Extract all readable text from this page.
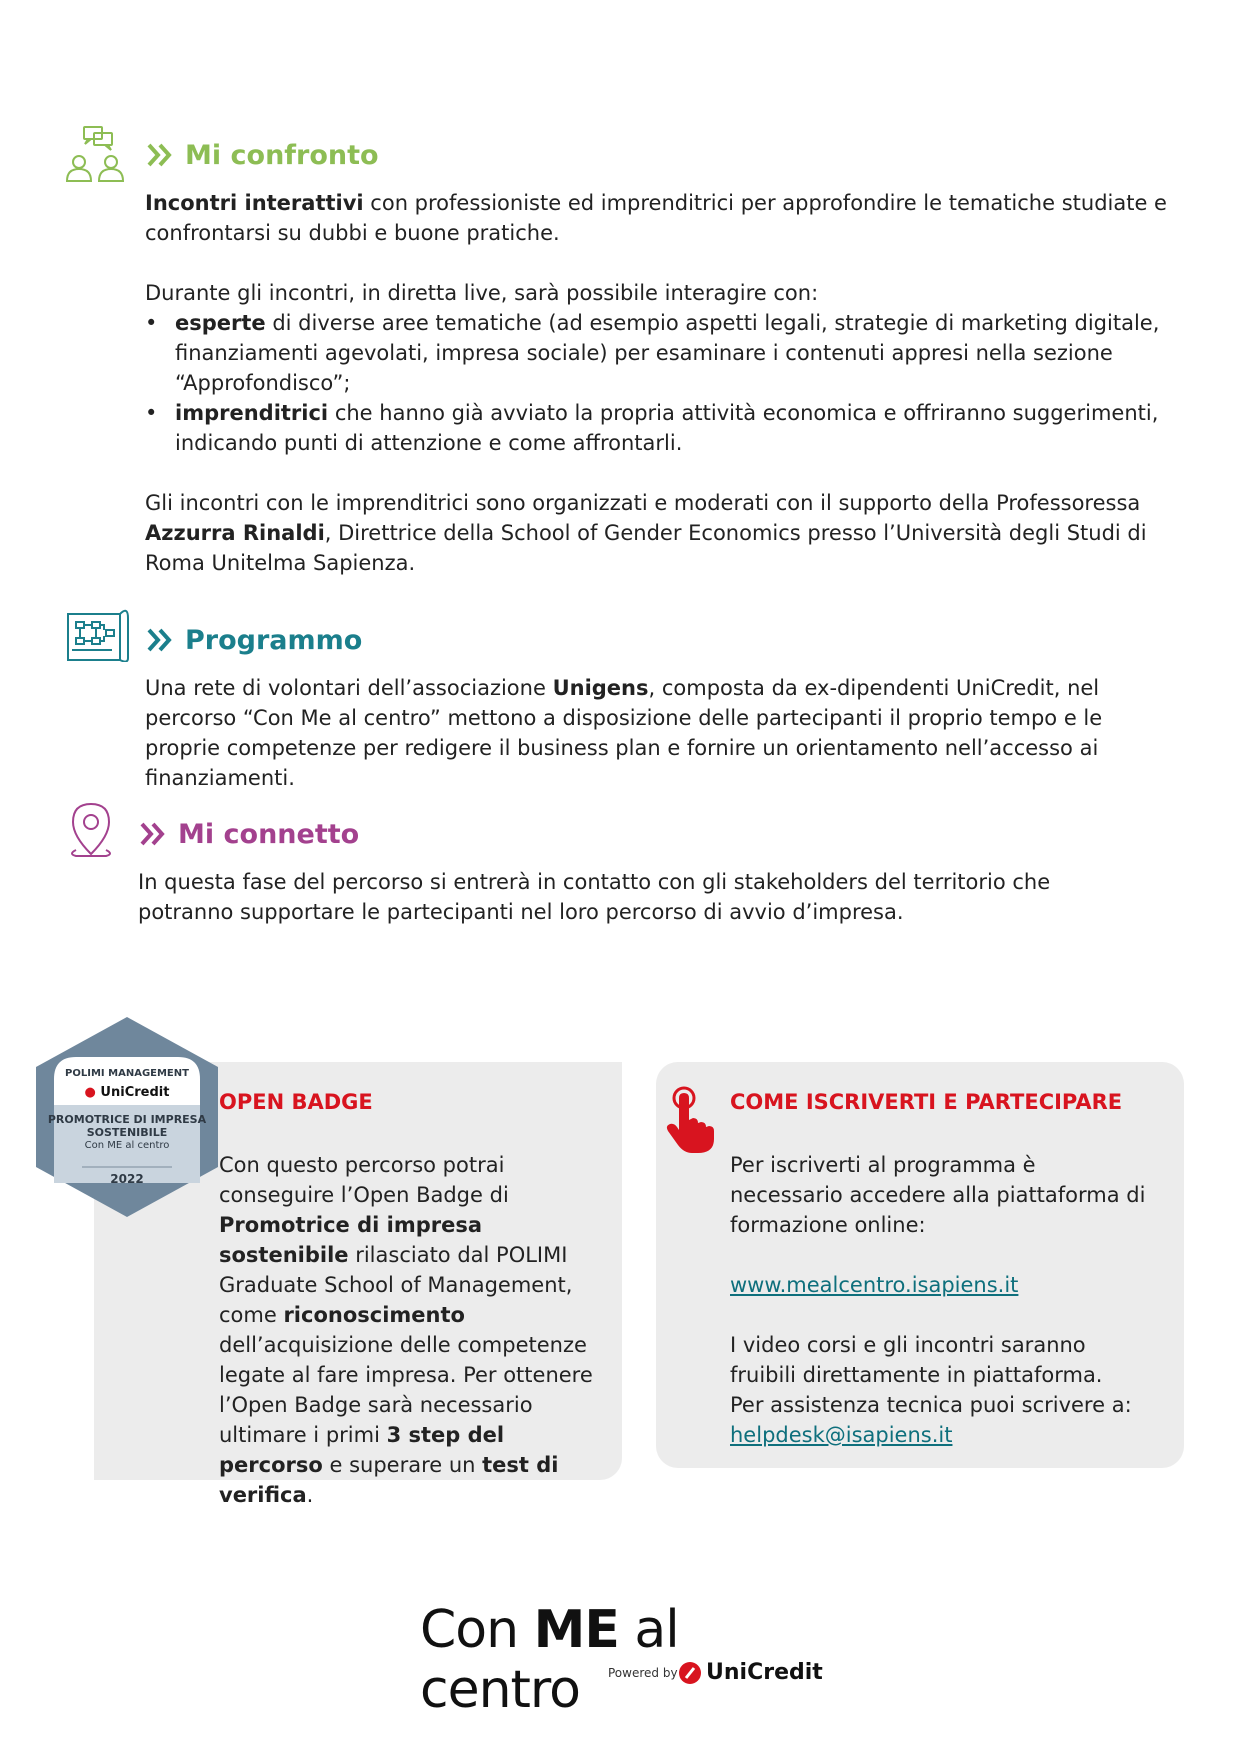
Mi confronto

Incontri interattivi con professioniste ed imprenditrici per approfondire le tematiche studiate e confrontarsi su dubbi e buone pratiche.

Durante gli incontri, in diretta live, sarà possibile interagire con:

• esperte di diverse aree tematiche (ad esempio aspetti legali, strategie di marketing digitale, finanziamenti agevolati, impresa sociale) per esaminare i contenuti appresi nella sezione “Approfondisco”;
• imprenditrici che hanno già avviato la propria attività economica e offriranno suggerimenti, indicando punti di attenzione e come affrontarli.

Gli incontri con le imprenditrici sono organizzati e moderati con il supporto della Professoressa Azzurra Rinaldi, Direttrice della School of Gender Economics presso l’Università degli Studi di Roma Unitelma Sapienza.

Programmo

Una rete di volontari dell’associazione Unigens, composta da ex-dipendenti UniCredit, nel percorso “Con Me al centro” mettono a disposizione delle partecipanti il proprio tempo e le proprie competenze per redigere il business plan e fornire un orientamento nell’accesso ai finanziamenti.

Mi connetto

In questa fase del percorso si entrerà in contatto con gli stakeholders del territorio che potranno supportare le partecipanti nel loro percorso di avvio d’impresa.

POLIMI MANAGEMENT
● UniCredit
PROMOTRICE DI IMPRESA
SOSTENIBILE
Con ME al centro
2022
OPEN BADGE

Con questo percorso potrai conseguire l’Open Badge di Promotrice di impresa sostenibile rilasciato dal POLIMI Graduate School of Management, come riconoscimento dell’acquisizione delle competenze legate al fare impresa. Per ottenere l’Open Badge sarà necessario ultimare i primi 3 step del percorso e superare un test di verifica.

COME ISCRIVERTI E PARTECIPARE

Per iscriverti al programma è necessario accedere alla piattaforma di formazione online:

www.mealcentro.isapiens.it

I video corsi e gli incontri saranno fruibili direttamente in piattaforma.

Per assistenza tecnica puoi scrivere a:

helpdesk@isapiens.it

Con ME al centro	Powered by UniCredit
